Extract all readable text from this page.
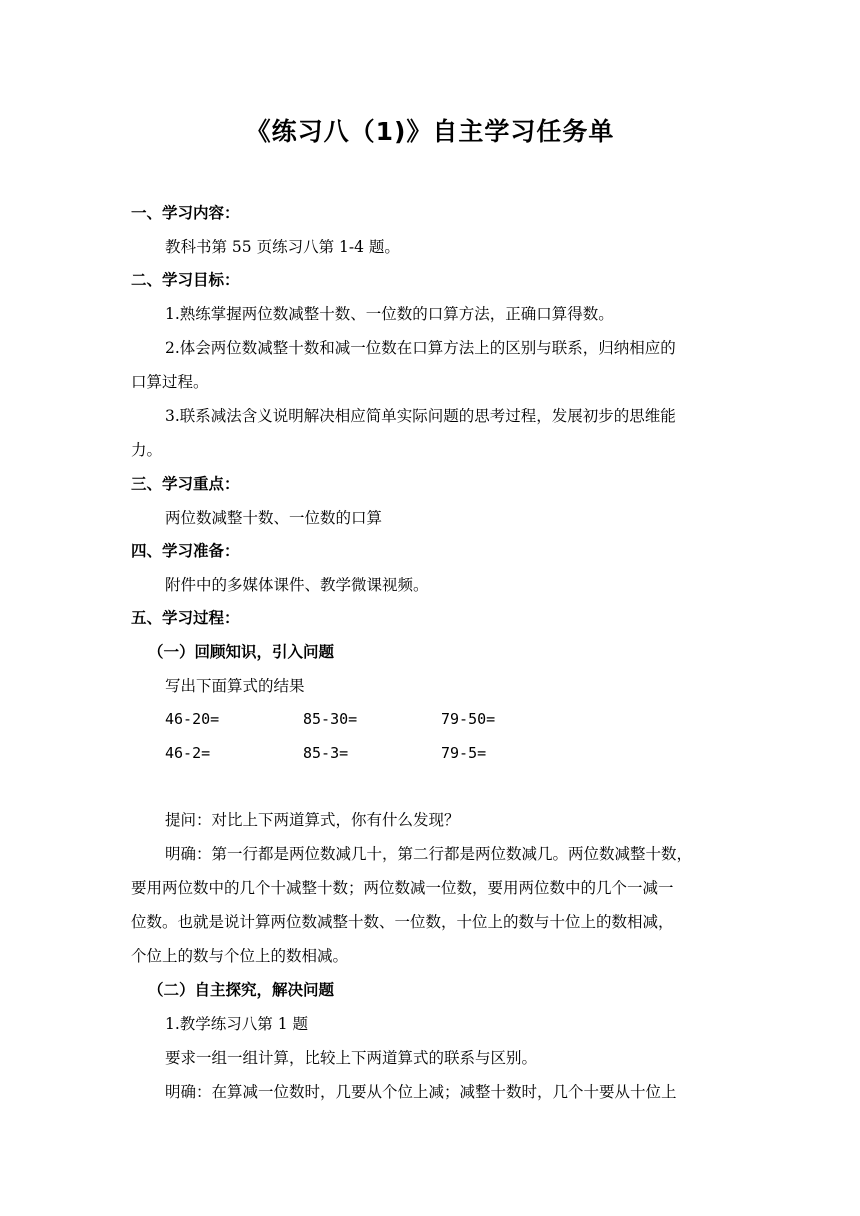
《练习八（1)》自主学习任务单
一、学习内容：
教科书第 55 页练习八第 1-4 题。
二、学习目标：
1.熟练掌握两位数减整十数、一位数的口算方法，正确口算得数。
2.体会两位数减整十数和减一位数在口算方法上的区别与联系，归纳相应的
口算过程。
3.联系减法含义说明解决相应简单实际问题的思考过程，发展初步的思维能
力。
三、学习重点：
两位数减整十数、一位数的口算
四、学习准备：
附件中的多媒体课件、教学微课视频。
五、学习过程：
（一）回顾知识，引入问题
写出下面算式的结果
46-20=	85-30=	79-50=
46-2=	85-3=	79-5=
提问：对比上下两道算式，你有什么发现？
明确：第一行都是两位数减几十，第二行都是两位数减几。两位数减整十数，
要用两位数中的几个十减整十数；两位数减一位数，要用两位数中的几个一减一
位数。也就是说计算两位数减整十数、一位数，十位上的数与十位上的数相减，
个位上的数与个位上的数相减。
（二）自主探究，解决问题
1.教学练习八第 1 题
要求一组一组计算，比较上下两道算式的联系与区别。
明确：在算减一位数时，几要从个位上减；减整十数时，几个十要从十位上
